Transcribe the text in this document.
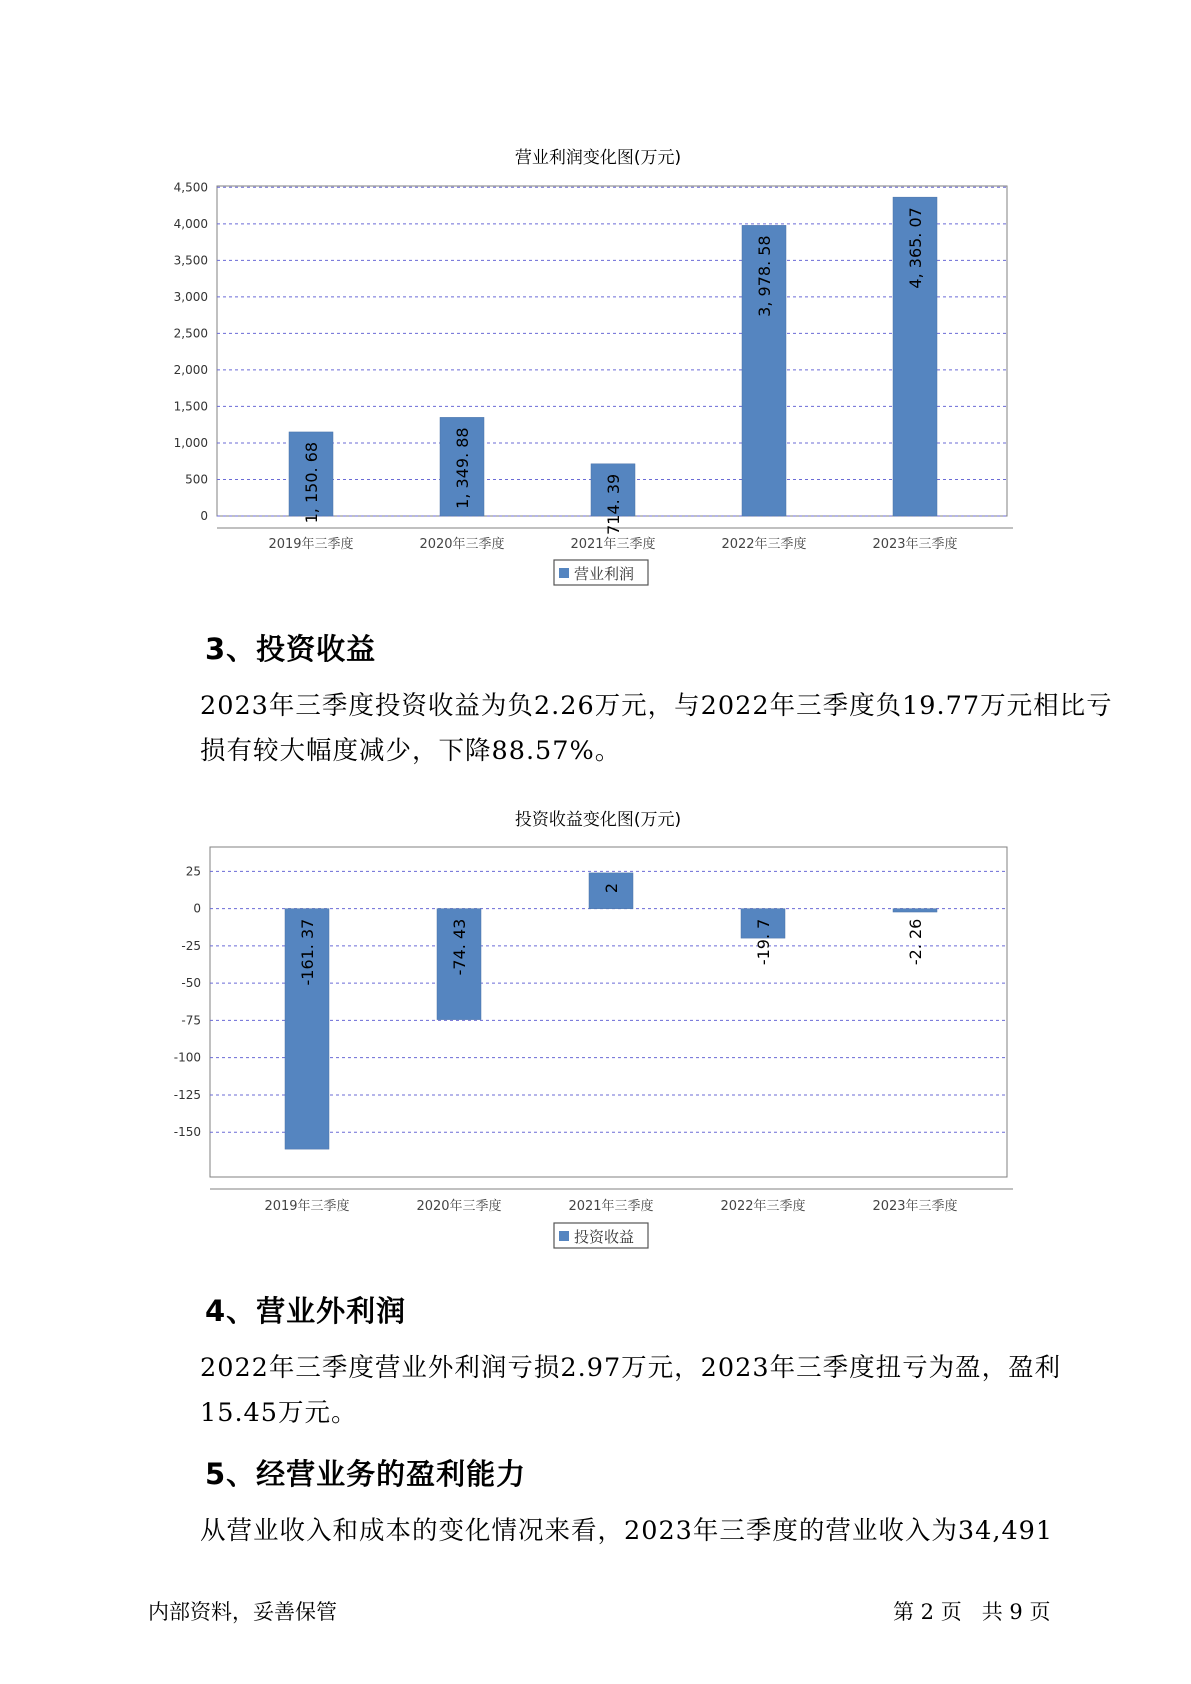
营业利润变化图(万元)
0
500
1,000
1,500
2,000
2,500
3,000
3,500
4,000
4,500
1, 150. 68	1, 349. 88	714. 39
3, 978. 58	4, 365. 07
2019年三季度	2020年三季度	2021年三季度	2022年三季度	2023年三季度
营业利润
3、投资收益

2023年三季度投资收益为负2.26万元，与2022年三季度负19.77万元相比亏损有较大幅度减少，下降88.57%。

投资收益变化图(万元)
25
0
-25
-50
-75
-100
-125
-150
-161. 37	-74. 43
2
-19. 7	-2. 26
2019年三季度	2020年三季度	2021年三季度	2022年三季度	2023年三季度
投资收益
4、营业外利润

2022年三季度营业外利润亏损2.97万元，2023年三季度扭亏为盈，盈利15.45万元。

5、经营业务的盈利能力

从营业收入和成本的变化情况来看，2023年三季度的营业收入为34,491

内部资料，妥善保管	第 2 页   共 9 页
